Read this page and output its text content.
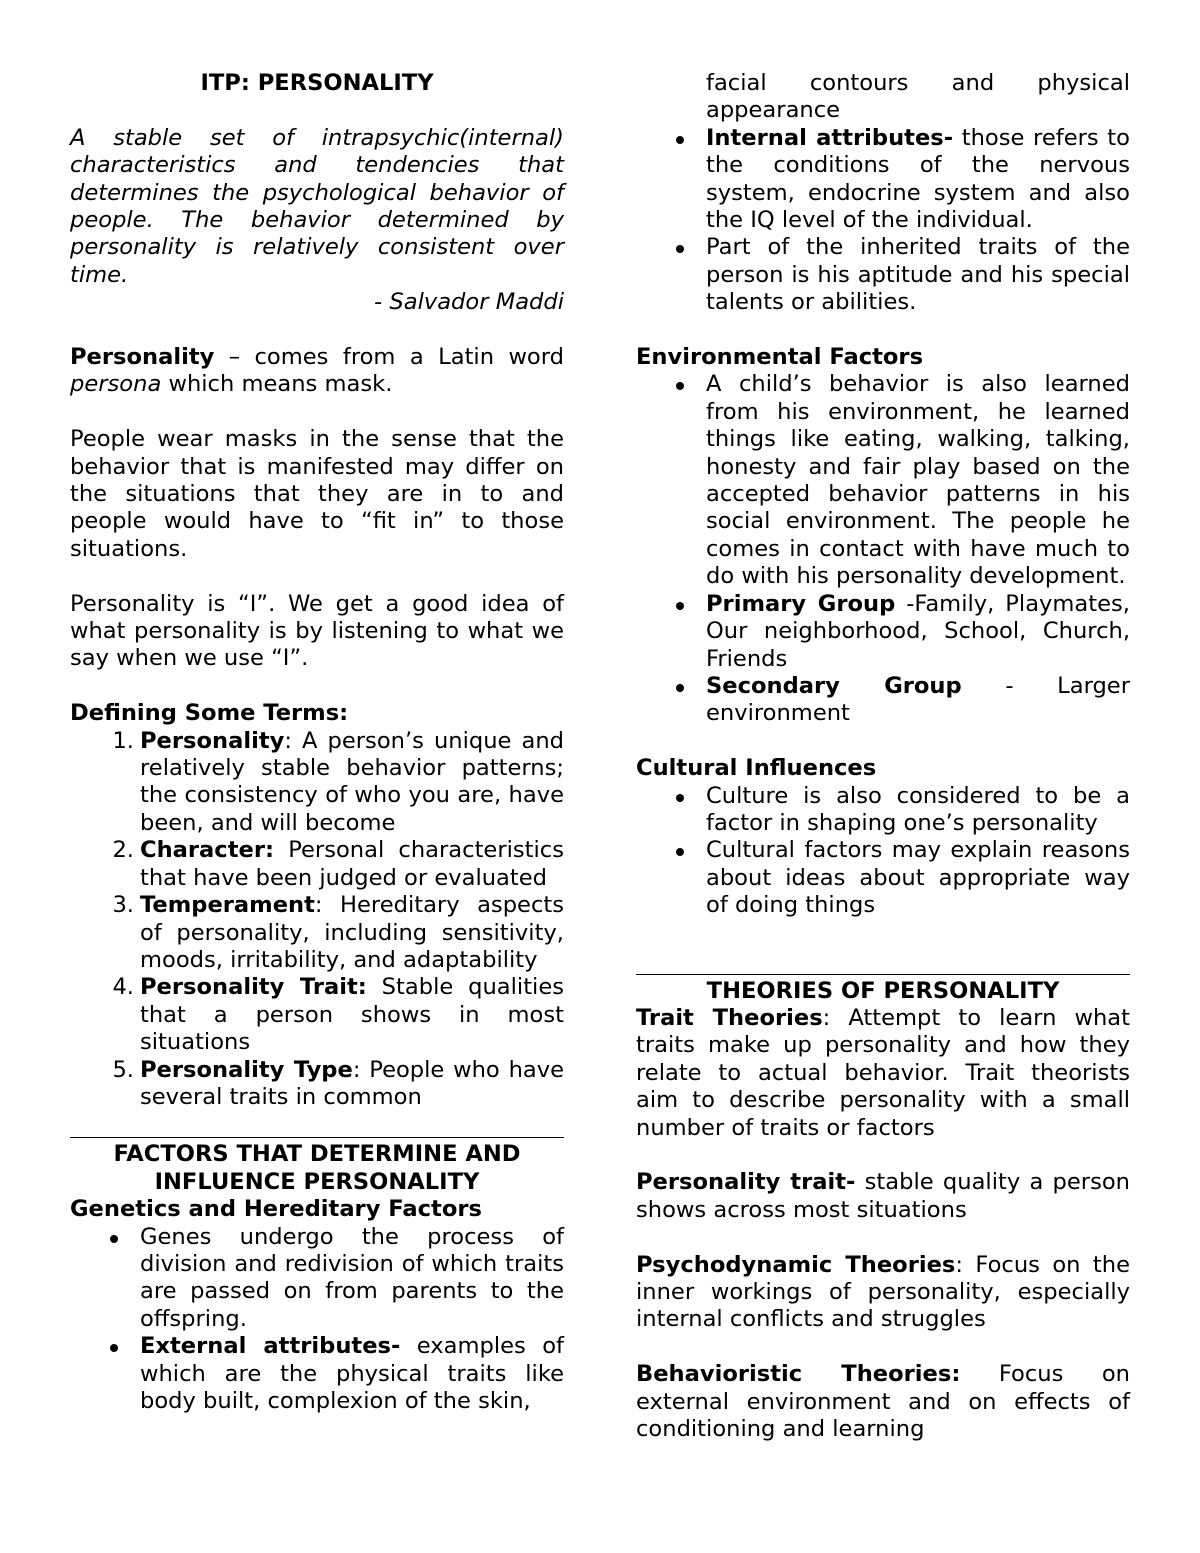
ITP: PERSONALITY

A stable set of intrapsychic(internal) characteristics and tendencies that determines the psychological behavior of people. The behavior determined by personality is relatively consistent over time.

- Salvador Maddi

Personality – comes from a Latin word persona which means mask.

People wear masks in the sense that the behavior that is manifested may differ on the situations that they are in to and people would have to “fit in” to those situations.

Personality is “I”. We get a good idea of what personality is by listening to what we say when we use “I”.

Defining Some Terms:

1. Personality: A person’s unique and relatively stable behavior patterns; the consistency of who you are, have been, and will become
2. Character: Personal characteristics that have been judged or evaluated
3. Temperament: Hereditary aspects of personality, including sensitivity, moods, irritability, and adaptability
4. Personality Trait: Stable qualities that a person shows in most situations
5. Personality Type: People who have several traits in common

FACTORS THAT DETERMINE AND
INFLUENCE PERSONALITY

Genetics and Hereditary Factors

Genes undergo the process of division and redivision of which traits are passed on from parents to the offspring.
External attributes- examples of which are the physical traits like body built, complexion of the skin,

facial contours and physical appearance

Internal attributes- those refers to the conditions of the nervous system, endocrine system and also the IQ level of the individual.
Part of the inherited traits of the person is his aptitude and his special talents or abilities.

Environmental Factors

A child’s behavior is also learned from his environment, he learned things like eating, walking, talking, honesty and fair play based on the accepted behavior patterns in his social environment. The people he comes in contact with have much to do with his personality development.
Primary Group -Family, Playmates, Our neighborhood, School, Church, Friends
Secondary Group - Larger environment

Cultural Influences

Culture is also considered to be a factor in shaping one’s personality
Cultural factors may explain reasons about ideas about appropriate way of doing things

THEORIES OF PERSONALITY

Trait Theories: Attempt to learn what traits make up personality and how they relate to actual behavior. Trait theorists aim to describe personality with a small number of traits or factors

Personality trait- stable quality a person shows across most situations

Psychodynamic Theories: Focus on the inner workings of personality, especially internal conflicts and struggles

Behavioristic Theories: Focus on external environment and on effects of conditioning and learning
